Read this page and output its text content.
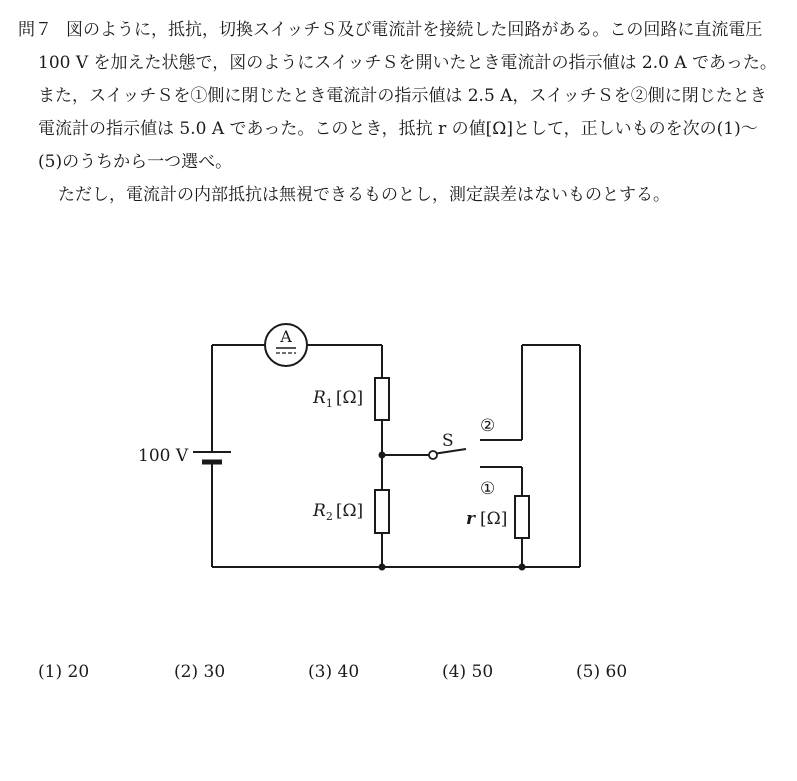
問７ 図のように，抵抗，切換スイッチＳ及び電流計を接続した回路がある。この回路に直流電圧 100 V を加えた状態で，図のようにスイッチＳを開いたとき電流計の指示値は 2.0 A であった。また，スイッチＳを①側に閉じたとき電流計の指示値は 2.5 A，スイッチＳを②側に閉じたとき電流計の指示値は 5.0 A であった。このとき，抵抗 r の値[Ω]として，正しいものを次の(1)～(5)のうちから一つ選べ。

ただし，電流計の内部抵抗は無視できるものとし，測定誤差はないものとする。

A
100 V
$R_1$ [Ω]
$R_2$ [Ω]	r [Ω]
S
②
①
(1) 20	(2) 30	(3) 40	(4) 50	(5) 60
